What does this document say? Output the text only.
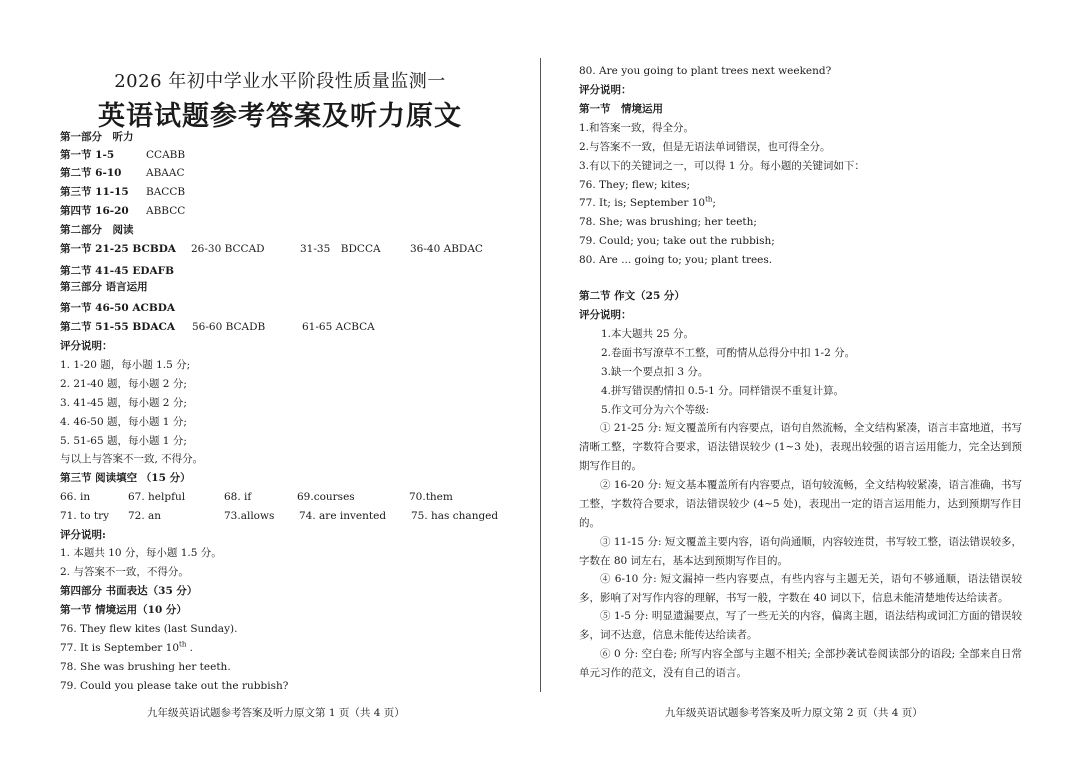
2026 年初中学业水平阶段性质量监测一
英语试题参考答案及听力原文
第一部分　听力
第一节 1-5	CCABB
第二节 6-10 ABAAC
第三节 11-15 BACCB
第四节 16-20 ABBCC
第二部分　阅读
第一节 21-25 BCBDA 26-30 BCCAD	31-35　BDCCA	36-40 ABDAC
第二节 41-45 EDAFB
第三部分 语言运用
第一节 46-50 ACBDA
第二节 51-55 BDACA 56-60 BCADB	61-65 ACBCA
评分说明：
1. 1-20 题，每小题 1.5 分;
2. 21-40 题，每小题 2 分;
3. 41-45 题，每小题 2 分;
4. 46-50 题，每小题 1 分;
5. 51-65 题，每小题 1 分;
与以上与答案不一致, 不得分。
第三节 阅读填空 （15 分）
66. in	67. helpful	68. if	69.courses	70.them
71. to try 72. an	73.allows 74. are invented 75. has changed
评分说明:
1. 本题共 10 分，每小题 1.5 分。
2. 与答案不一致，不得分。
第四部分 书面表达（35 分）
第一节 情境运用（10 分）
76. They flew kites (last Sunday).
77. It is September 10th .
78. She was brushing her teeth.
79. Could you please take out the rubbish?
九年级英语试题参考答案及听力原文第 1 页（共 4 页）	九年级英语试题参考答案及听力原文第 2 页（共 4 页）
80. Are you going to plant trees next weekend?
评分说明：
第一节　情境运用
1.和答案一致，得全分。
2.与答案不一致，但是无语法单词错误，也可得全分。
3.有以下的关键词之一，可以得 1 分。每小题的关键词如下：
76. They; flew; kites;
77. It; is; September 10th;
78. She; was brushing; her teeth;
79. Could; you; take out the rubbish;
80. Are ... going to; you; plant trees.
第二节 作文（25 分）
评分说明：
1.本大题共 25 分。
2.卷面书写潦草不工整，可酌情从总得分中扣 1-2 分。
3.缺一个要点扣 3 分。
4.拼写错误酌情扣 0.5-1 分。同样错误不重复计算。
5.作文可分为六个等级:
① 21-25 分: 短文覆盖所有内容要点，语句自然流畅，全文结构紧凑，语言丰富地道，书写清晰工整，字数符合要求，语法错误较少 (1~3 处)，表现出较强的语言运用能力，完全达到预期写作目的。
② 16-20 分: 短文基本覆盖所有内容要点，语句较流畅，全文结构较紧凑，语言准确，书写工整，字数符合要求，语法错误较少 (4~5 处)，表现出一定的语言运用能力，达到预期写作目的。
③ 11-15 分: 短文覆盖主要内容，语句尚通顺，内容较连贯，书写较工整，语法错误较多，字数在 80 词左右，基本达到预期写作目的。
④ 6-10 分: 短文漏掉一些内容要点，有些内容与主题无关，语句不够通顺，语法错误较多，影响了对写作内容的理解，书写一般，字数在 40 词以下，信息未能清楚地传达给读者。
⑤ 1-5 分: 明显遗漏要点，写了一些无关的内容，偏离主题，语法结构或词汇方面的错误较多，词不达意，信息未能传达给读者。
⑥ 0 分: 空白卷; 所写内容全部与主题不相关; 全部抄袭试卷阅读部分的语段; 全部来自日常单元习作的范文，没有自己的语言。
